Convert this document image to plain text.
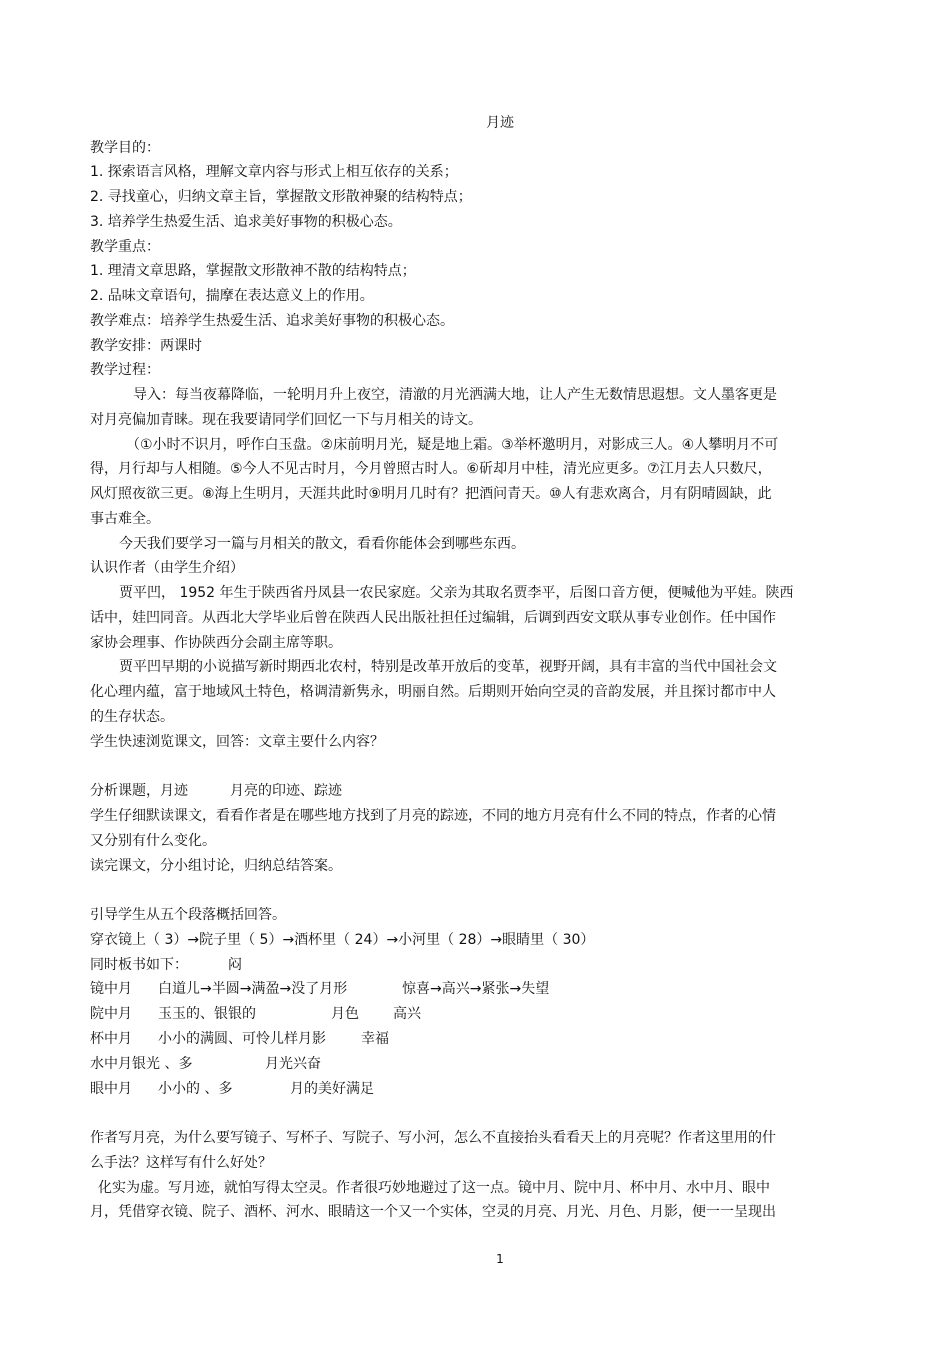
月迹
教学目的：
1. 探索语言风格，理解文章内容与形式上相互依存的关系；
2. 寻找童心，归纳文章主旨，掌握散文形散神聚的结构特点；
3. 培养学生热爱生活、追求美好事物的积极心态。
教学重点：
1. 理清文章思路，掌握散文形散神不散的结构特点；
2. 品味文章语句，揣摩在表达意义上的作用。
教学难点：培养学生热爱生活、追求美好事物的积极心态。
教学安排：两课时
教学过程：
导入：每当夜幕降临，一轮明月升上夜空，清澈的月光洒满大地，让人产生无数情思遐想。文人墨客更是
对月亮偏加青睐。现在我要请同学们回忆一下与月相关的诗文。
（①小时不识月，呼作白玉盘。②床前明月光，疑是地上霜。③举杯邀明月，对影成三人。④人攀明月不可
得，月行却与人相随。⑤今人不见古时月，今月曾照古时人。⑥斫却月中桂，清光应更多。⑦江月去人只数尺，
风灯照夜欲三更。⑧海上生明月，天涯共此时⑨明月几时有？把酒问青天。⑩人有悲欢离合，月有阴晴圆缺，此
事古难全。
今天我们要学习一篇与月相关的散文，看看你能体会到哪些东西。
认识作者（由学生介绍）
贾平凹， 1952 年生于陕西省丹凤县一农民家庭。父亲为其取名贾李平，后图口音方便，便喊他为平娃。陕西
话中，娃凹同音。从西北大学毕业后曾在陕西人民出版社担任过编辑，后调到西安文联从事专业创作。任中国作
家协会理事、作协陕西分会副主席等职。
贾平凹早期的小说描写新时期西北农村，特别是改革开放后的变革，视野开阔，具有丰富的当代中国社会文
化心理内蕴，富于地域风土特色，格调清新隽永，明丽自然。后期则开始向空灵的音韵发展，并且探讨都市中人
的生存状态。
学生快速浏览课文，回答：文章主要什么内容？
分析课题，月迹	月亮的印迹、踪迹
学生仔细默读课文，看看作者是在哪些地方找到了月亮的踪迹，不同的地方月亮有什么不同的特点，作者的心情
又分别有什么变化。
读完课文，分小组讨论，归纳总结答案。
引导学生从五个段落概括回答。
穿衣镜上（ 3）→院子里（ 5）→酒杯里（ 24）→小河里（ 28）→眼睛里（ 30）
同时板书如下：	闷
镜中月 白道儿→半圆→满盈→没了月形	惊喜→高兴→紧张→失望
院中月 玉玉的、银银的	月色 高兴
杯中月 小小的满圆、可怜儿样月影	幸福
水中月银光 、多	月光兴奋
眼中月 小小的 、多	月的美好满足
作者写月亮，为什么要写镜子、写杯子、写院子、写小河，怎么不直接抬头看看天上的月亮呢？作者这里用的什
么手法？这样写有什么好处？
化实为虚。写月迹，就怕写得太空灵。作者很巧妙地避过了这一点。镜中月、院中月、杯中月、水中月、眼中
月，凭借穿衣镜、院子、酒杯、河水、眼睛这一个又一个实体，空灵的月亮、月光、月色、月影，便一一呈现出
1
